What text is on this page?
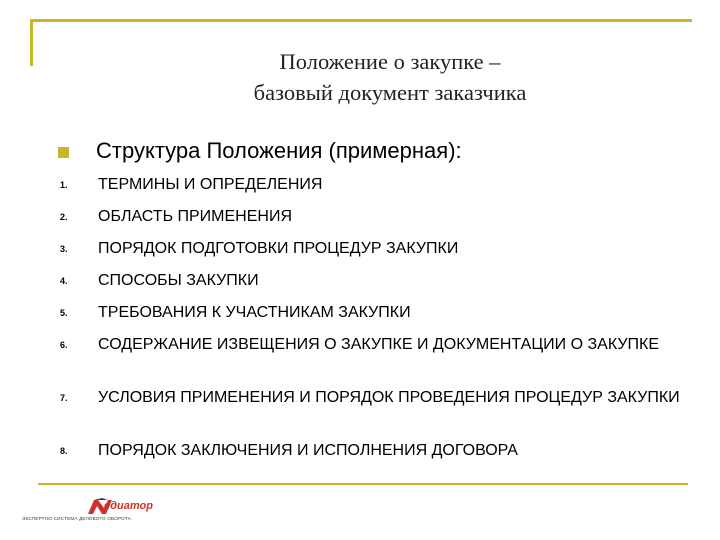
Положение о закупке –
базовый документ заказчика
Структура Положения (примерная):
1.	ТЕРМИНЫ И ОПРЕДЕЛЕНИЯ
2.	ОБЛАСТЬ ПРИМЕНЕНИЯ
3.	ПОРЯДОК ПОДГОТОВКИ ПРОЦЕДУР ЗАКУПКИ
4.	СПОСОБЫ ЗАКУПКИ
5.	ТРЕБОВАНИЯ К УЧАСТНИКАМ ЗАКУПКИ
6.	СОДЕРЖАНИЕ ИЗВЕЩЕНИЯ О ЗАКУПКЕ И ДОКУМЕНТАЦИИ О ЗАКУПКЕ
7.	УСЛОВИЯ ПРИМЕНЕНИЯ И ПОРЯДОК ПРОВЕДЕНИЯ ПРОЦЕДУР ЗАКУПКИ
8.	ПОРЯДОК ЗАКЛЮЧЕНИЯ И ИСПОЛНЕНИЯ ДОГОВОРА
едиатор
ЭКСПЕРТНО-СИСТЕМА ДЕЛОВОГО ОБОРОТА
